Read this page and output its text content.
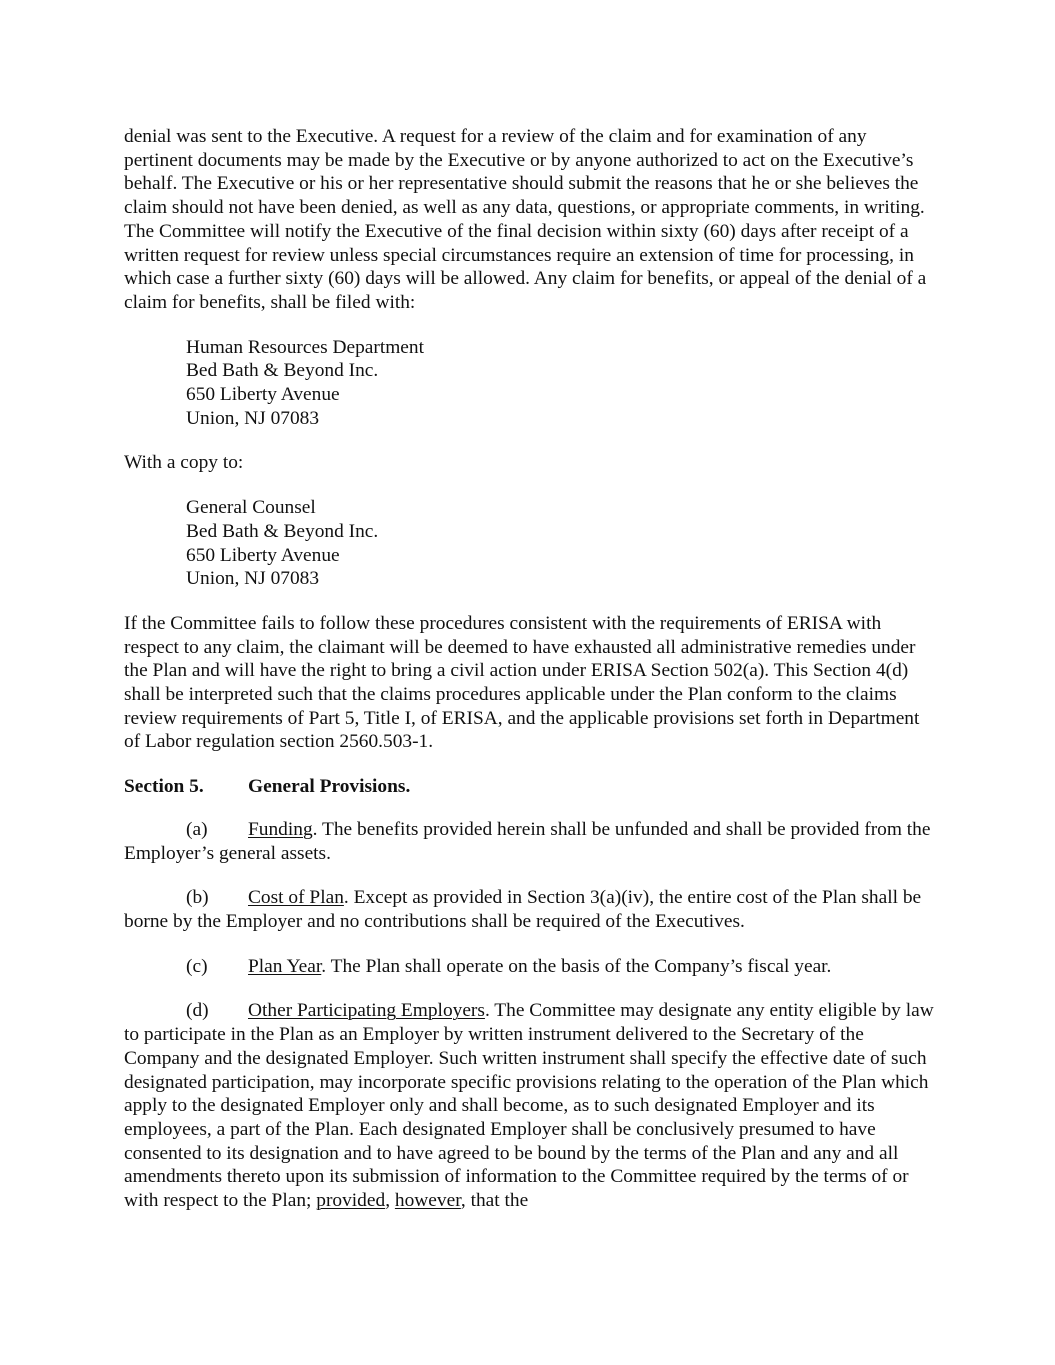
denial was sent to the Executive. A request for a review of the claim and for examination of any pertinent documents may be made by the Executive or by anyone authorized to act on the Executive’s behalf. The Executive or his or her representative should submit the reasons that he or she believes the claim should not have been denied, as well as any data, questions, or appropriate comments, in writing. The Committee will notify the Executive of the final decision within sixty (60) days after receipt of a written request for review unless special circumstances require an extension of time for processing, in which case a further sixty (60) days will be allowed. Any claim for benefits, or appeal of the denial of a claim for benefits, shall be filed with:

Human Resources Department
Bed Bath & Beyond Inc.
650 Liberty Avenue
Union, NJ 07083

With a copy to:

General Counsel
Bed Bath & Beyond Inc.
650 Liberty Avenue
Union, NJ 07083

If the Committee fails to follow these procedures consistent with the requirements of ERISA with respect to any claim, the claimant will be deemed to have exhausted all administrative remedies under the Plan and will have the right to bring a civil action under ERISA Section 502(a). This Section 4(d) shall be interpreted such that the claims procedures applicable under the Plan conform to the claims review requirements of Part 5, Title I, of ERISA, and the applicable provisions set forth in Department of Labor regulation section 2560.503-1.

Section 5. General Provisions.

(a) Funding. The benefits provided herein shall be unfunded and shall be provided from the Employer’s general assets.

(b) Cost of Plan. Except as provided in Section 3(a)(iv), the entire cost of the Plan shall be borne by the Employer and no contributions shall be required of the Executives.

(c) Plan Year. The Plan shall operate on the basis of the Company’s fiscal year.

(d) Other Participating Employers. The Committee may designate any entity eligible by law to participate in the Plan as an Employer by written instrument delivered to the Secretary of the Company and the designated Employer. Such written instrument shall specify the effective date of such designated participation, may incorporate specific provisions relating to the operation of the Plan which apply to the designated Employer only and shall become, as to such designated Employer and its employees, a part of the Plan. Each designated Employer shall be conclusively presumed to have consented to its designation and to have agreed to be bound by the terms of the Plan and any and all amendments thereto upon its submission of information to the Committee required by the terms of or with respect to the Plan; provided, however, that the
